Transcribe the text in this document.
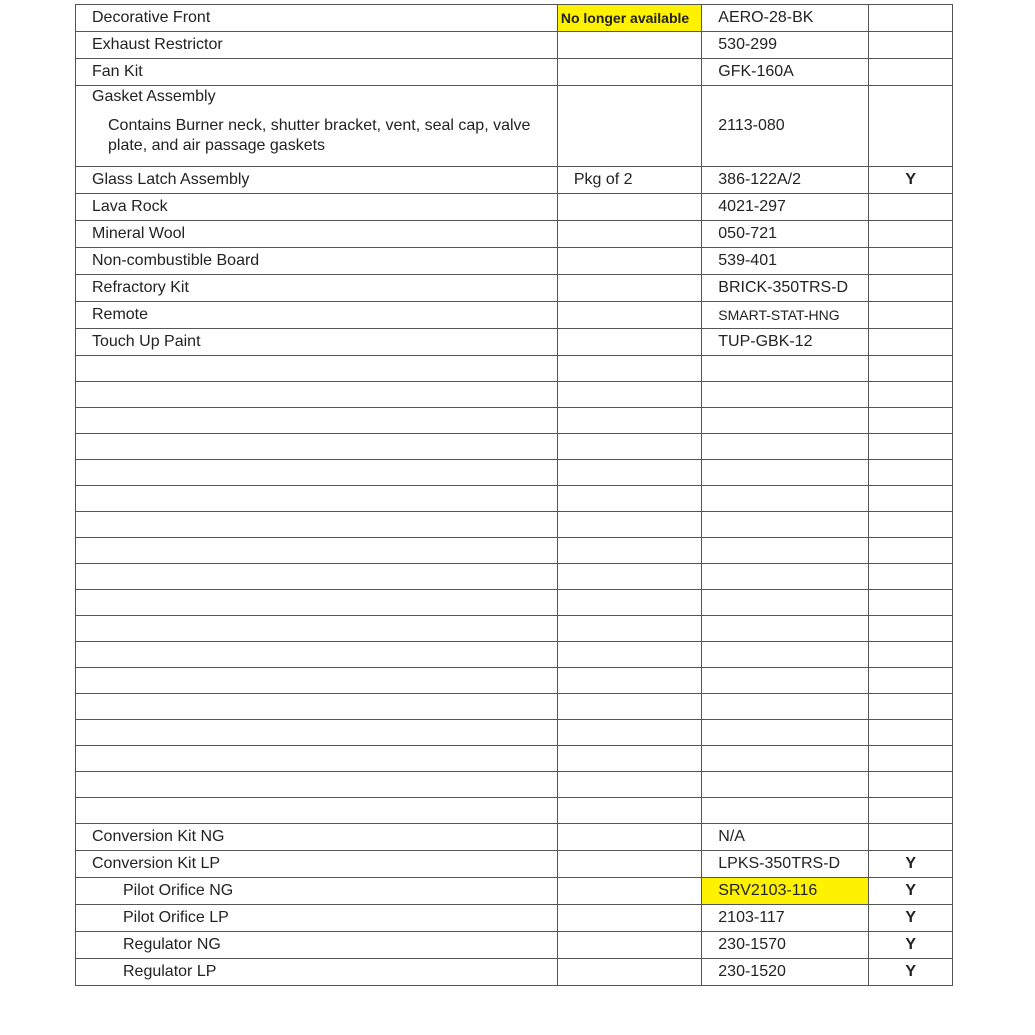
Decorative Front	No longer available	AERO-28-BK	
Exhaust Restrictor		530-299	
Fan Kit		GFK-160A	
Gasket Assembly
Contains Burner neck, shutter bracket, vent, seal cap, valve plate, and air passage gaskets		2113-080	
Glass Latch Assembly	Pkg of 2	386-122A/2	Y
Lava Rock		4021-297	
Mineral Wool		050-721	
Non-combustible Board		539-401	
Refractory Kit		BRICK-350TRS-D	
Remote		SMART-STAT-HNG	
Touch Up Paint		TUP-GBK-12	

Conversion Kit NG		N/A	
Conversion Kit LP		LPKS-350TRS-D	Y
Pilot Orifice NG		SRV2103-116	Y
Pilot Orifice LP		2103-117	Y
Regulator NG		230-1570	Y
Regulator LP		230-1520	Y
